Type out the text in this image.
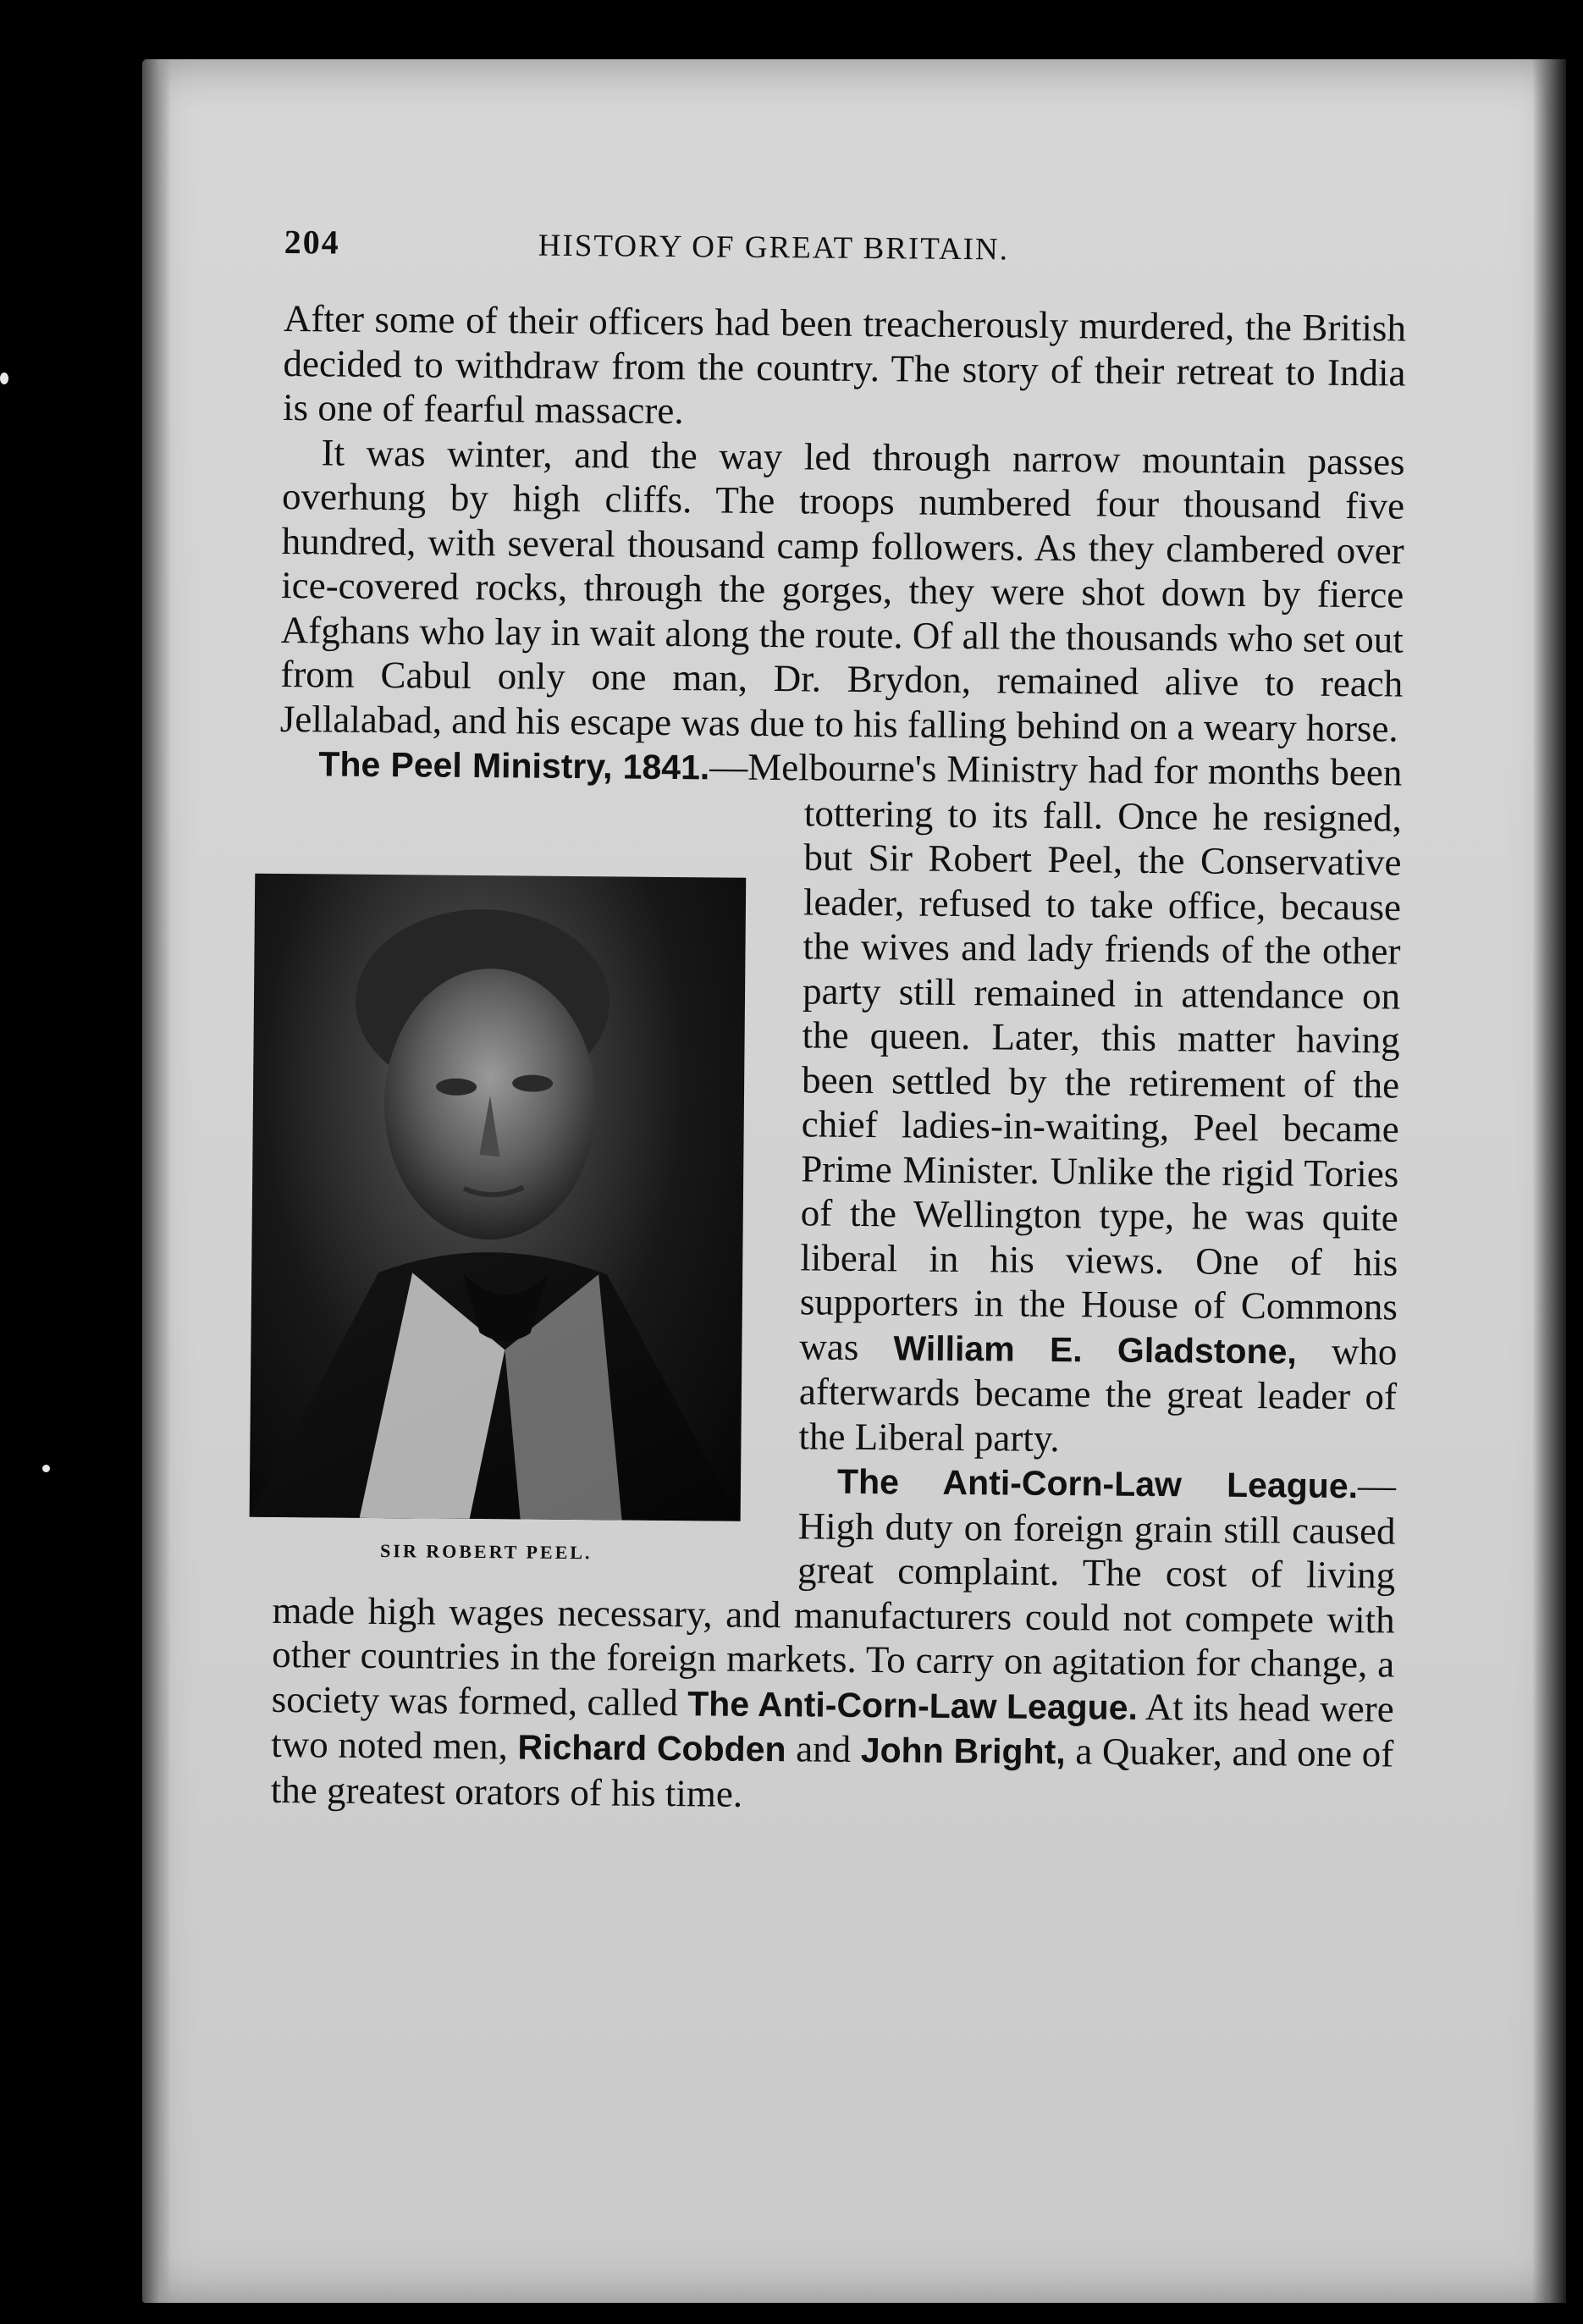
204	HISTORY OF GREAT BRITAIN.

After some of their officers had been treacherously murdered, the British decided to withdraw from the country. The story of their retreat to India is one of fearful massacre.

It was winter, and the way led through narrow mountain passes overhung by high cliffs. The troops numbered four thousand five hundred, with several thousand camp followers. As they clambered over ice-covered rocks, through the gorges, they were shot down by fierce Afghans who lay in wait along the route. Of all the thousands who set out from Cabul only one man, Dr. Brydon, remained alive to reach Jellalabad, and his escape was due to his falling behind on a weary horse.

The Peel Ministry, 1841.—Melbourne's Ministry had for months been tottering to its fall. Once he resigned, but Sir Robert Peel, the Conservative leader, refused to take office, because the wives and lady friends of the other party still remained in attendance on the queen. Later, this matter having been settled by the retirement of the chief ladies-in-waiting, Peel became Prime Minister. Unlike the rigid Tories of the Wellington type, he was quite liberal in his views. One of his supporters in the House of Commons was William E. Gladstone, who afterwards became the great leader of the Liberal party.

SIR ROBERT PEEL.

The Anti-Corn-Law League.—High duty on foreign grain still caused great complaint. The cost of living made high wages necessary, and manufacturers could not compete with other countries in the foreign markets. To carry on agitation for change, a society was formed, called The Anti-Corn-Law League. At its head were two noted men, Richard Cobden and John Bright, a Quaker, and one of the greatest orators of his time.
